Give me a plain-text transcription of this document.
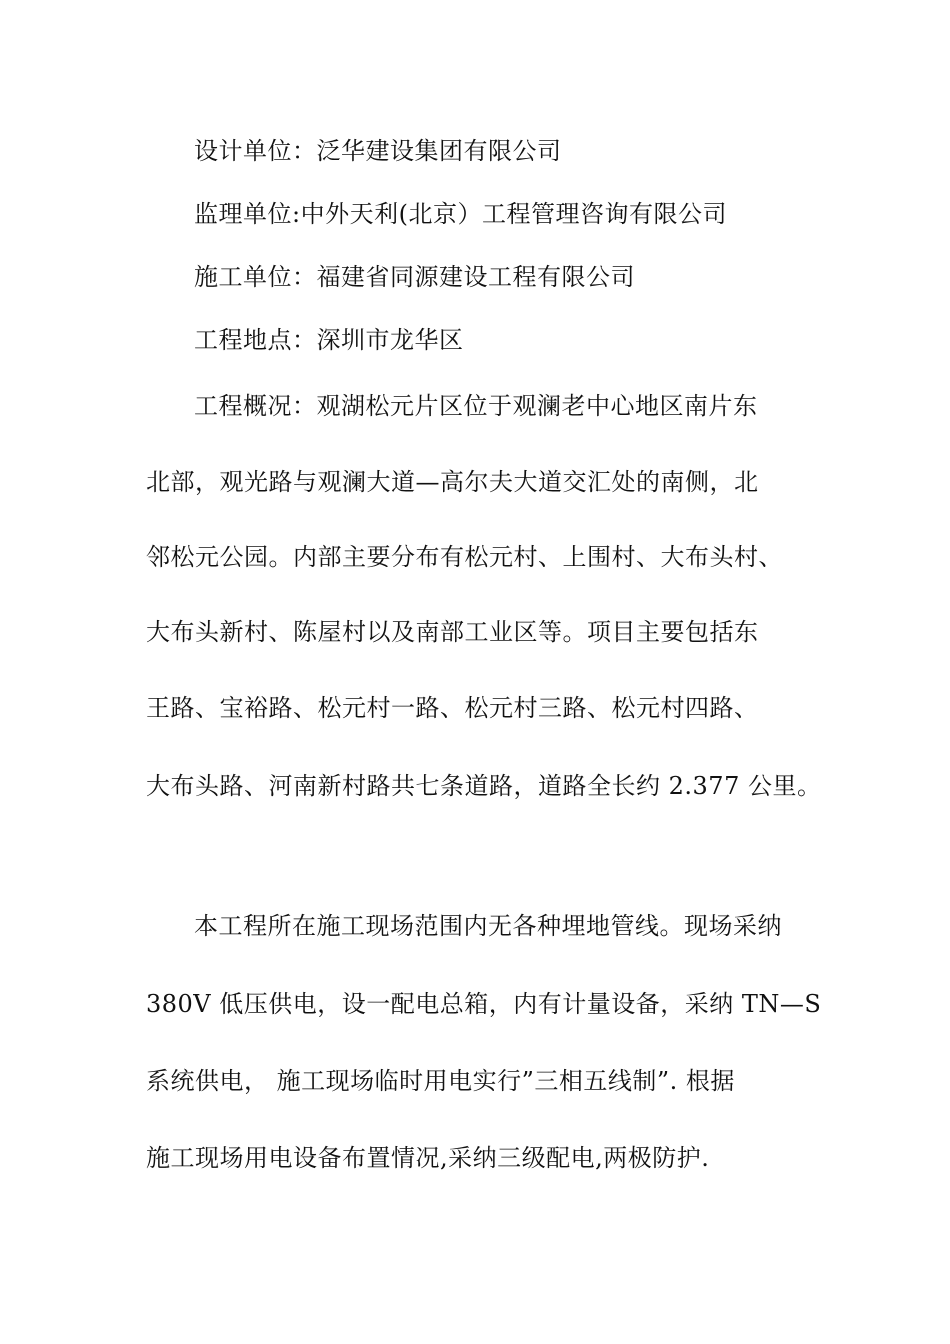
设计单位：泛华建设集团有限公司
监理单位:中外天利(北京）工程管理咨询有限公司
施工单位：福建省同源建设工程有限公司
工程地点：深圳市龙华区
工程概况：观湖松元片区位于观澜老中心地区南片东
北部，观光路与观澜大道—高尔夫大道交汇处的南侧，北
邻松元公园。内部主要分布有松元村、上围村、大布头村、
大布头新村、陈屋村以及南部工业区等。项目主要包括东
王路、宝裕路、松元村一路、松元村三路、松元村四路、
大布头路、河南新村路共七条道路，道路全长约 2.377 公里。
本工程所在施工现场范围内无各种埋地管线。现场采纳
380V 低压供电，设一配电总箱，内有计量设备，采纳 TN—S
系统供电， 施工现场临时用电实行”三相五线制”. 根据
施工现场用电设备布置情况,采纳三级配电,两极防护.
